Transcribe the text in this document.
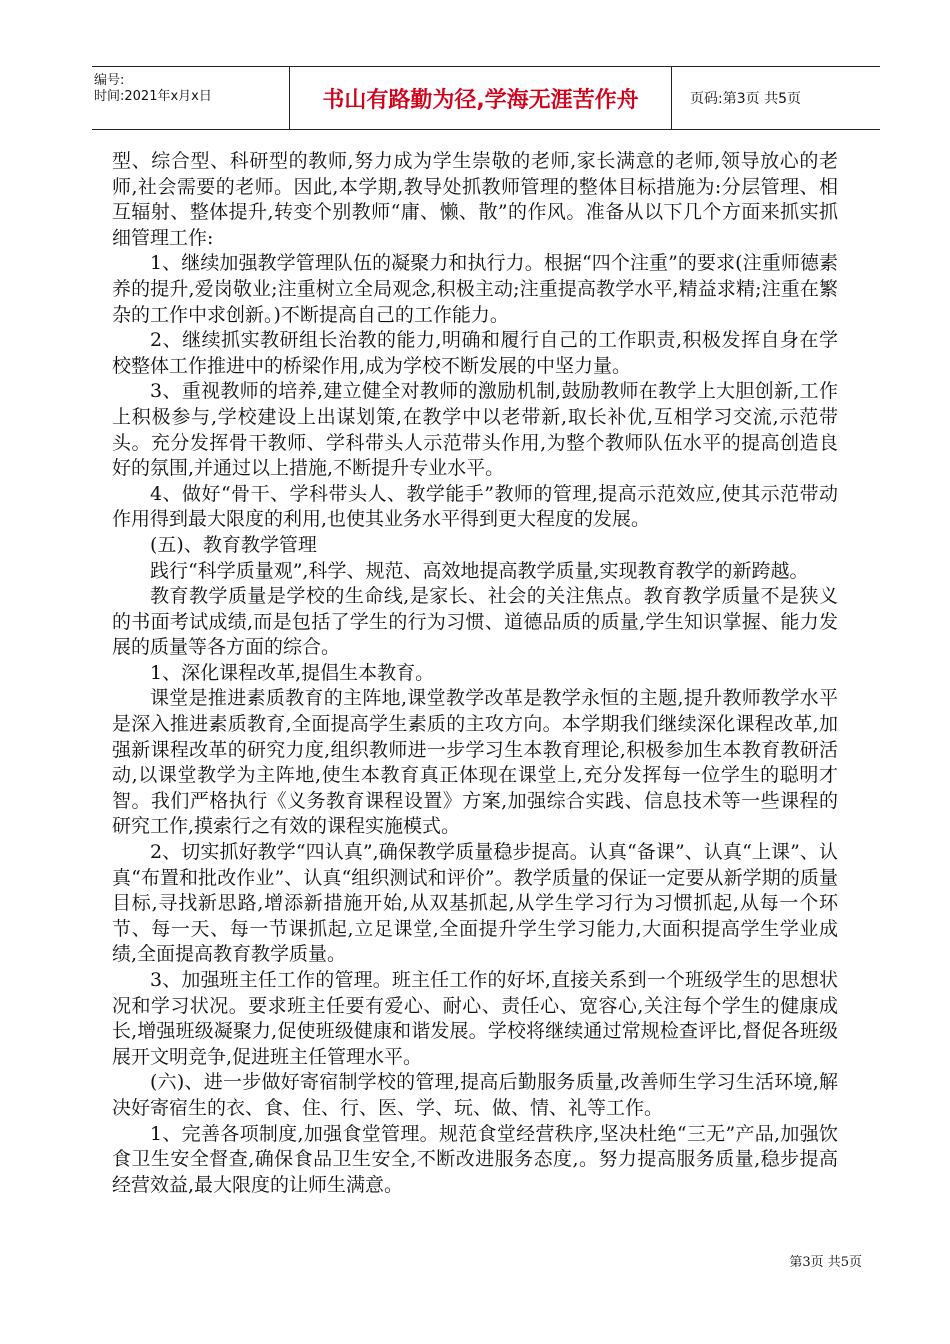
编号:
时间:2021年x月x日	书山有路勤为径,学海无涯苦作舟	页码:第3页 共5页

型、综合型、科研型的教师,努力成为学生崇敬的老师,家长满意的老师,领导放心的老师,社会需要的老师。因此,本学期,教导处抓教师管理的整体目标措施为:分层管理、相互辐射、整体提升,转变个别教师“庸、懒、散”的作风。准备从以下几个方面来抓实抓细管理工作:

1、继续加强教学管理队伍的凝聚力和执行力。根据“四个注重”的要求(注重师德素养的提升,爱岗敬业;注重树立全局观念,积极主动;注重提高教学水平,精益求精;注重在繁杂的工作中求创新。)不断提高自己的工作能力。

2、继续抓实教研组长治教的能力,明确和履行自己的工作职责,积极发挥自身在学校整体工作推进中的桥梁作用,成为学校不断发展的中坚力量。

3、重视教师的培养,建立健全对教师的激励机制,鼓励教师在教学上大胆创新,工作上积极参与,学校建设上出谋划策,在教学中以老带新,取长补优,互相学习交流,示范带头。充分发挥骨干教师、学科带头人示范带头作用,为整个教师队伍水平的提高创造良好的氛围,并通过以上措施,不断提升专业水平。

4、做好“骨干、学科带头人、教学能手”教师的管理,提高示范效应,使其示范带动作用得到最大限度的利用,也使其业务水平得到更大程度的发展。

(五)、教育教学管理

践行“科学质量观”,科学、规范、高效地提高教学质量,实现教育教学的新跨越。

教育教学质量是学校的生命线,是家长、社会的关注焦点。教育教学质量不是狭义的书面考试成绩,而是包括了学生的行为习惯、道德品质的质量,学生知识掌握、能力发展的质量等各方面的综合。

1、深化课程改革,提倡生本教育。

课堂是推进素质教育的主阵地,课堂教学改革是教学永恒的主题,提升教师教学水平是深入推进素质教育,全面提高学生素质的主攻方向。本学期我们继续深化课程改革,加强新课程改革的研究力度,组织教师进一步学习生本教育理论,积极参加生本教育教研活动,以课堂教学为主阵地,使生本教育真正体现在课堂上,充分发挥每一位学生的聪明才智。我们严格执行《义务教育课程设置》方案,加强综合实践、信息技术等一些课程的研究工作,摸索行之有效的课程实施模式。

2、切实抓好教学“四认真”,确保教学质量稳步提高。认真“备课”、认真“上课”、认真“布置和批改作业”、认真“组织测试和评价”。教学质量的保证一定要从新学期的质量目标,寻找新思路,增添新措施开始,从双基抓起,从学生学习行为习惯抓起,从每一个环节、每一天、每一节课抓起,立足课堂,全面提升学生学习能力,大面积提高学生学业成绩,全面提高教育教学质量。

3、加强班主任工作的管理。班主任工作的好坏,直接关系到一个班级学生的思想状况和学习状况。要求班主任要有爱心、耐心、责任心、宽容心,关注每个学生的健康成长,增强班级凝聚力,促使班级健康和谐发展。学校将继续通过常规检查评比,督促各班级展开文明竞争,促进班主任管理水平。

(六)、进一步做好寄宿制学校的管理,提高后勤服务质量,改善师生学习生活环境,解决好寄宿生的衣、食、住、行、医、学、玩、做、情、礼等工作。

1、完善各项制度,加强食堂管理。规范食堂经营秩序,坚决杜绝“三无”产品,加强饮食卫生安全督查,确保食品卫生安全,不断改进服务态度,。努力提高服务质量,稳步提高经营效益,最大限度的让师生满意。

第3页 共5页
